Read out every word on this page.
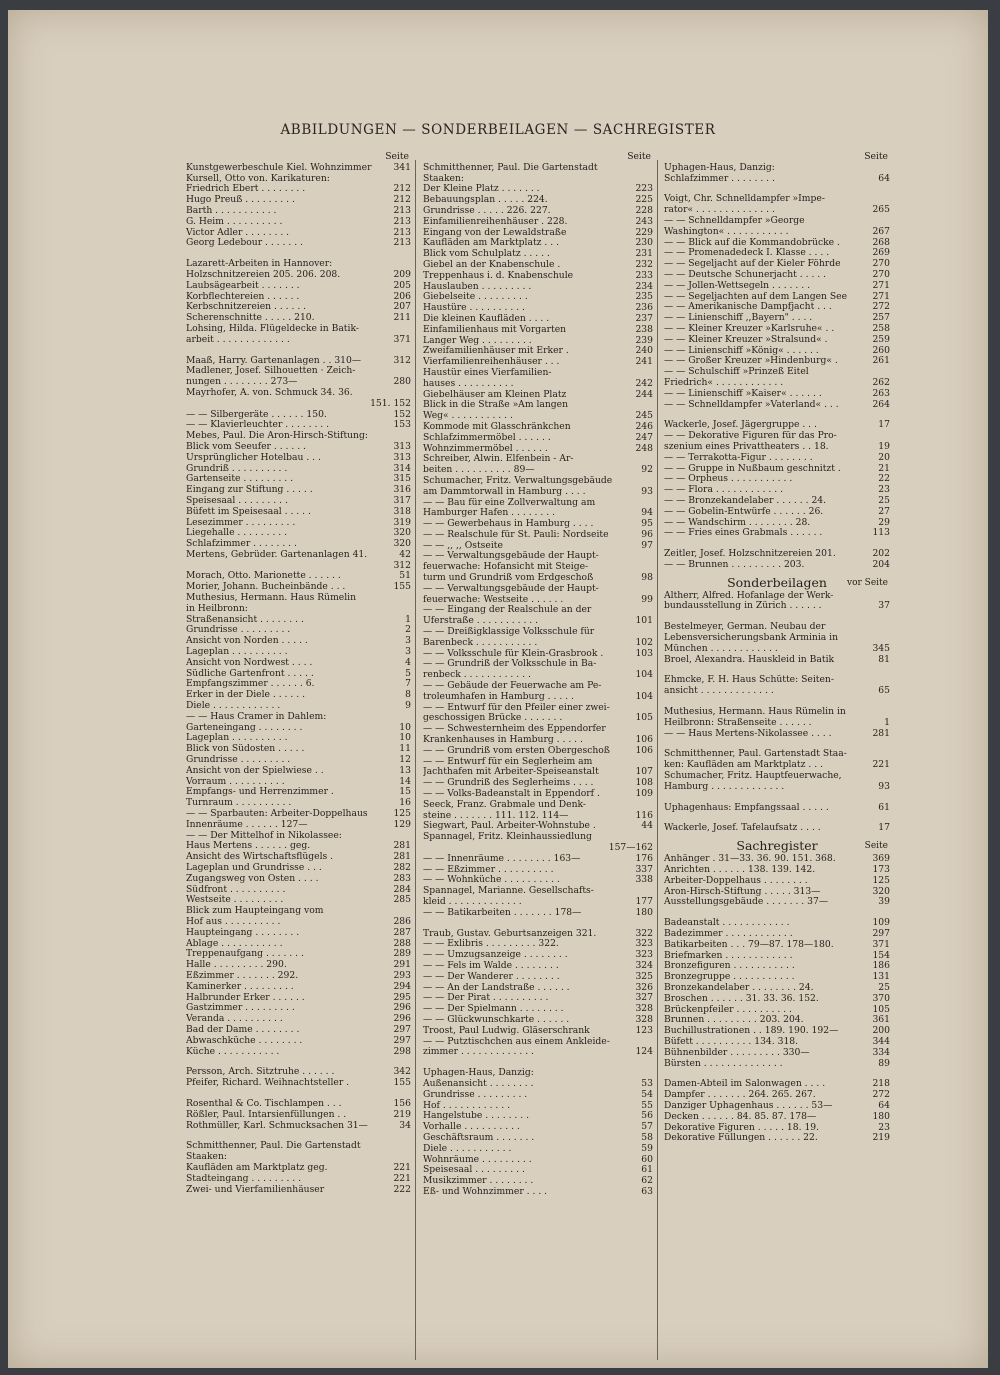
ABBILDUNGEN — SONDERBEILAGEN — SACHREGISTER
Seite
Kunstgewerbeschule Kiel. Wohnzimmer	341
Kursell, Otto von. Karikaturen:
Friedrich Ebert . . . . . . . .	212
Hugo Preuß . . . . . . . . .	212
Barth . . . . . . . . . . .	213
G. Heim . . . . . . . . . .	213
Victor Adler . . . . . . . .	213
Georg Ledebour . . . . . . .	213
Lazarett-Arbeiten in Hannover:
Holzschnitzereien 205. 206. 208.	209
Laubsägearbeit . . . . . . .	205
Korbflechtereien . . . . . .	206
Kerbschnitzereien . . . . . .	207
Scherenschnitte . . . . . 210.	211
Lohsing, Hilda. Flügeldecke in Batik-
arbeit . . . . . . . . . . . . .	371
Maaß, Harry. Gartenanlagen . . 310—	312
Madlener, Josef. Silhouetten · Zeich-
nungen . . . . . . . . 273—	280
Mayrhofer, A. von. Schmuck 34. 36.
151. 152
— — Silbergeräte . . . . . . 150.	152
— — Klavierleuchter . . . . . . . .	153
Mebes, Paul. Die Aron-Hirsch-Stiftung:
Blick vom Seeufer . . . . . .	313
Ursprünglicher Hotelbau . . .	313
Grundriß . . . . . . . . . .	314
Gartenseite . . . . . . . . .	315
Eingang zur Stiftung . . . . .	316
Speisesaal . . . . . . . . .	317
Büfett im Speisesaal . . . . .	318
Lesezimmer . . . . . . . . .	319
Liegehalle . . . . . . . . .	320
Schlafzimmer . . . . . . . .	320
Mertens, Gebrüder. Gartenanlagen 41.	42
312
Morach, Otto. Marionette . . . . . .	51
Morier, Johann. Bucheinbände . . .	155
Muthesius, Hermann. Haus Rümelin
in Heilbronn:
Straßenansicht . . . . . . . .	1
Grundrisse . . . . . . . . .	2
Ansicht von Norden . . . . .	3
Lageplan . . . . . . . . . .	3
Ansicht von Nordwest . . . .	4
Südliche Gartenfront . . . . .	5
Empfangszimmer . . . . . . 6.	7
Erker in der Diele . . . . . .	8
Diele . . . . . . . . . . . .	9
— — Haus Cramer in Dahlem:
Garteneingang . . . . . . . .	10
Lageplan . . . . . . . . . .	10
Blick von Südosten . . . . .	11
Grundrisse . . . . . . . . .	12
Ansicht von der Spielwiese . .	13
Vorraum . . . . . . . . . .	14
Empfangs- und Herrenzimmer .	15
Turnraum . . . . . . . . . .	16
— — Sparbauten: Arbeiter-Doppelhaus	125
Innenräume . . . . . . 127—	129
— — Der Mittelhof in Nikolassee:
Haus Mertens . . . . . . geg.	281
Ansicht des Wirtschaftsflügels .	281
Lageplan und Grundrisse . . .	282
Zugangsweg von Osten . . . .	283
Südfront . . . . . . . . . .	284
Westseite . . . . . . . . .	285
Blick zum Haupteingang vom
Hof aus . . . . . . . . . .	286
Haupteingang . . . . . . . .	287
Ablage . . . . . . . . . . .	288
Treppenaufgang . . . . . . .	289
Halle . . . . . . . . . 290.	291
Eßzimmer . . . . . . . 292.	293
Kaminerker . . . . . . . . .	294
Halbrunder Erker . . . . . .	295
Gastzimmer . . . . . . . . .	296
Veranda . . . . . . . . . .	296
Bad der Dame . . . . . . . .	297
Abwaschküche . . . . . . . .	297
Küche . . . . . . . . . . .	298
Persson, Arch. Sitztruhe . . . . . .	342
Pfeifer, Richard. Weihnachtsteller .	155
Rosenthal & Co. Tischlampen . . .	156
Rößler, Paul. Intarsienfüllungen . .	219
Rothmüller, Karl. Schmucksachen 31—	34
Schmitthenner, Paul. Die Gartenstadt
Staaken:
Kaufläden am Marktplatz geg.	221
Stadteingang . . . . . . . . .	221
Zwei- und Vierfamilienhäuser	222
Seite
Schmitthenner, Paul. Die Gartenstadt
Staaken:
Der Kleine Platz . . . . . . .	223
Bebauungsplan . . . . . 224.	225
Grundrisse . . . . . 226. 227.	228
Einfamilienreihenhäuser . 228.	243
Eingang von der Lewaldstraße	229
Kaufläden am Marktplatz . . .	230
Blick vom Schulplatz . . . . .	231
Giebel an der Knabenschule .	232
Treppenhaus i. d. Knabenschule	233
Hauslauben . . . . . . . . .	234
Giebelseite . . . . . . . . .	235
Haustüre . . . . . . . . . .	236
Die kleinen Kaufläden . . . .	237
Einfamilienhaus mit Vorgarten	238
Langer Weg . . . . . . . . .	239
Zweifamilienhäuser mit Erker .	240
Vierfamilienreihenhäuser . . .	241
Haustür eines Vierfamilien-
hauses . . . . . . . . . .	242
Giebelhäuser am Kleinen Platz	244
Blick in die Straße »Am langen
Weg« . . . . . . . . . . .	245
Kommode mit Glasschränkchen	246
Schlafzimmermöbel . . . . . .	247
Wohnzimmermöbel . . . . . .	248
Schreiber, Alwin. Elfenbein - Ar-
beiten . . . . . . . . . . 89—	92
Schumacher, Fritz. Verwaltungsgebäude
am Dammtorwall in Hamburg . . . .	93
— — Bau für eine Zollverwaltung am
Hamburger Hafen . . . . . . . .	94
— — Gewerbehaus in Hamburg . . . .	95
— — Realschule für St. Pauli: Nordseite	96
— — ,, ,, Ostseite	97
— — Verwaltungsgebäude der Haupt-
feuerwache: Hofansicht mit Steige-
turm und Grundriß vom Erdgeschoß	98
— — Verwaltungsgebäude der Haupt-
feuerwache: Westseite . . . . . .	99
— — Eingang der Realschule an der
Uferstraße . . . . . . . . . . .	101
— — Dreißigklassige Volksschule für
Barenbeck . . . . . . . . . . .	102
— — Volksschule für Klein-Grasbrook .	103
— — Grundriß der Volksschule in Ba-
renbeck . . . . . . . . . . . .	104
— — Gebäude der Feuerwache am Pe-
troleumhafen in Hamburg . . . . .	104
— — Entwurf für den Pfeiler einer zwei-
geschossigen Brücke . . . . . . .	105
— — Schwesternheim des Eppendorfer
Krankenhauses in Hamburg . . . . .	106
— — Grundriß vom ersten Obergeschoß	106
— — Entwurf für ein Seglerheim am
Jachthafen mit Arbeiter-Speiseanstalt	107
— — Grundriß des Seglerheims . . . .	108
— — Volks-Badeanstalt in Eppendorf .	109
Seeck, Franz. Grabmale und Denk-
steine . . . . . . . 111. 112. 114—	116
Siegwart, Paul. Arbeiter-Wohnstube .	44
Spannagel, Fritz. Kleinhaussiedlung
157—162
— — Innenräume . . . . . . . . 163—	176
— — Eßzimmer . . . . . . . . . .	337
— — Wohnküche . . . . . . . . . .	338
Spannagel, Marianne. Gesellschafts-
kleid . . . . . . . . . . . . .	177
— — Batikarbeiten . . . . . . . 178—	180
Traub, Gustav. Geburtsanzeigen 321.	322
— — Exlibris . . . . . . . . . 322.	323
— — Umzugsanzeige . . . . . . . .	323
— — Fels im Walde . . . . . . . .	324
— — Der Wanderer . . . . . . . .	325
— — An der Landstraße . . . . . .	326
— — Der Pirat . . . . . . . . . .	327
— — Der Spielmann . . . . . . . .	328
— — Glückwunschkarte . . . . . .	328
Troost, Paul Ludwig. Gläserschrank	123
— — Putztischchen aus einem Ankleide-
zimmer . . . . . . . . . . . . .	124
Uphagen-Haus, Danzig:
Außenansicht . . . . . . . .	53
Grundrisse . . . . . . . . .	54
Hof . . . . . . . . . . . .	55
Hangelstube . . . . . . . .	56
Vorhalle . . . . . . . . . .	57
Geschäftsraum . . . . . . .	58
Diele . . . . . . . . . . .	59
Wohnräume . . . . . . . . .	60
Speisesaal . . . . . . . . .	61
Musikzimmer . . . . . . . .	62
Eß- und Wohnzimmer . . . .	63
Seite
Uphagen-Haus, Danzig:
Schlafzimmer . . . . . . . .	64
Voigt, Chr. Schnelldampfer »Impe-
rator« . . . . . . . . . . . . . .	265
— — Schnelldampfer »George
Washington« . . . . . . . . . . .	267
— — Blick auf die Kommandobrücke .	268
— — Promenadedeck I. Klasse . . . .	269
— — Segeljacht auf der Kieler Föhrde	270
— — Deutsche Schunerjacht . . . . .	270
— — Jollen-Wettsegeln . . . . . . .	271
— — Segeljachten auf dem Langen See	271
— — Amerikanische Dampfjacht . . .	272
— — Linienschiff ,,Bayern" . . . .	257
— — Kleiner Kreuzer »Karlsruhe« . .	258
— — Kleiner Kreuzer »Stralsund« .	259
— — Linienschiff »König« . . . . . .	260
— — Großer Kreuzer »Hindenburg« .	261
— — Schulschiff »Prinzeß Eitel
Friedrich« . . . . . . . . . . . .	262
— — Linienschiff »Kaiser« . . . . . .	263
— — Schnelldampfer »Vaterland« . . .	264
Wackerle, Josef. Jägergruppe . . .	17
— — Dekorative Figuren für das Pro-
szenium eines Privattheaters . . 18.	19
— — Terrakotta-Figur . . . . . . . .	20
— — Gruppe in Nußbaum geschnitzt .	21
— — Orpheus . . . . . . . . . . .	22
— — Flora . . . . . . . . . . . .	23
— — Bronzekandelaber . . . . . . 24.	25
— — Gobelin-Entwürfe . . . . . . 26.	27
— — Wandschirm . . . . . . . . 28.	29
— — Fries eines Grabmals . . . . . .	113
Zeitler, Josef. Holzschnitzereien 201.	202
— — Brunnen . . . . . . . . . 203.	204
Sonderbeilagen vor Seite
Altherr, Alfred. Hofanlage der Werk-
bundausstellung in Zürich . . . . . .	37
Bestelmeyer, German. Neubau der
Lebensversicherungsbank Arminia in
München . . . . . . . . . . . .	345
Broel, Alexandra. Hauskleid in Batik	81
Ehmcke, F. H. Haus Schütte: Seiten-
ansicht . . . . . . . . . . . . .	65
Muthesius, Hermann. Haus Rümelin in
Heilbronn: Straßenseite . . . . . .	1
— — Haus Mertens-Nikolassee . . . .	281
Schmitthenner, Paul. Gartenstadt Staa-
ken: Kaufläden am Marktplatz . . .	221
Schumacher, Fritz. Hauptfeuerwache,
Hamburg . . . . . . . . . . . . .	93
Uphagenhaus: Empfangssaal . . . . .	61
Wackerle, Josef. Tafelaufsatz . . . .	17
Sachregister	Seite
Anhänger . 31—33. 36. 90. 151. 368.	369
Anrichten . . . . . . 138. 139. 142.	173
Arbeiter-Doppelhaus . . . . . . . .	125
Aron-Hirsch-Stiftung . . . . . 313—	320
Ausstellungsgebäude . . . . . . . 37—	39
Badeanstalt . . . . . . . . . . . .	109
Badezimmer . . . . . . . . . . . .	297
Batikarbeiten . . . 79—87. 178—180.	371
Briefmarken . . . . . . . . . . . .	154
Bronzefiguren . . . . . . . . . . .	186
Bronzegruppe . . . . . . . . . . .	131
Bronzekandelaber . . . . . . . . 24.	25
Broschen . . . . . . 31. 33. 36. 152.	370
Brückenpfeiler . . . . . . . . . .	105
Brunnen . . . . . . . . . 203. 204.	361
Buchillustrationen . . 189. 190. 192—	200
Büfett . . . . . . . . . . 134. 318.	344
Bühnenbilder . . . . . . . . . 330—	334
Bürsten . . . . . . . . . . . . . .	89
Damen-Abteil im Salonwagen . . . .	218
Dampfer . . . . . . . 264. 265. 267.	272
Danziger Uphagenhaus . . . . . . 53—	64
Decken . . . . . . 84. 85. 87. 178—	180
Dekorative Figuren . . . . . 18. 19.	23
Dekorative Füllungen . . . . . . 22.	219
